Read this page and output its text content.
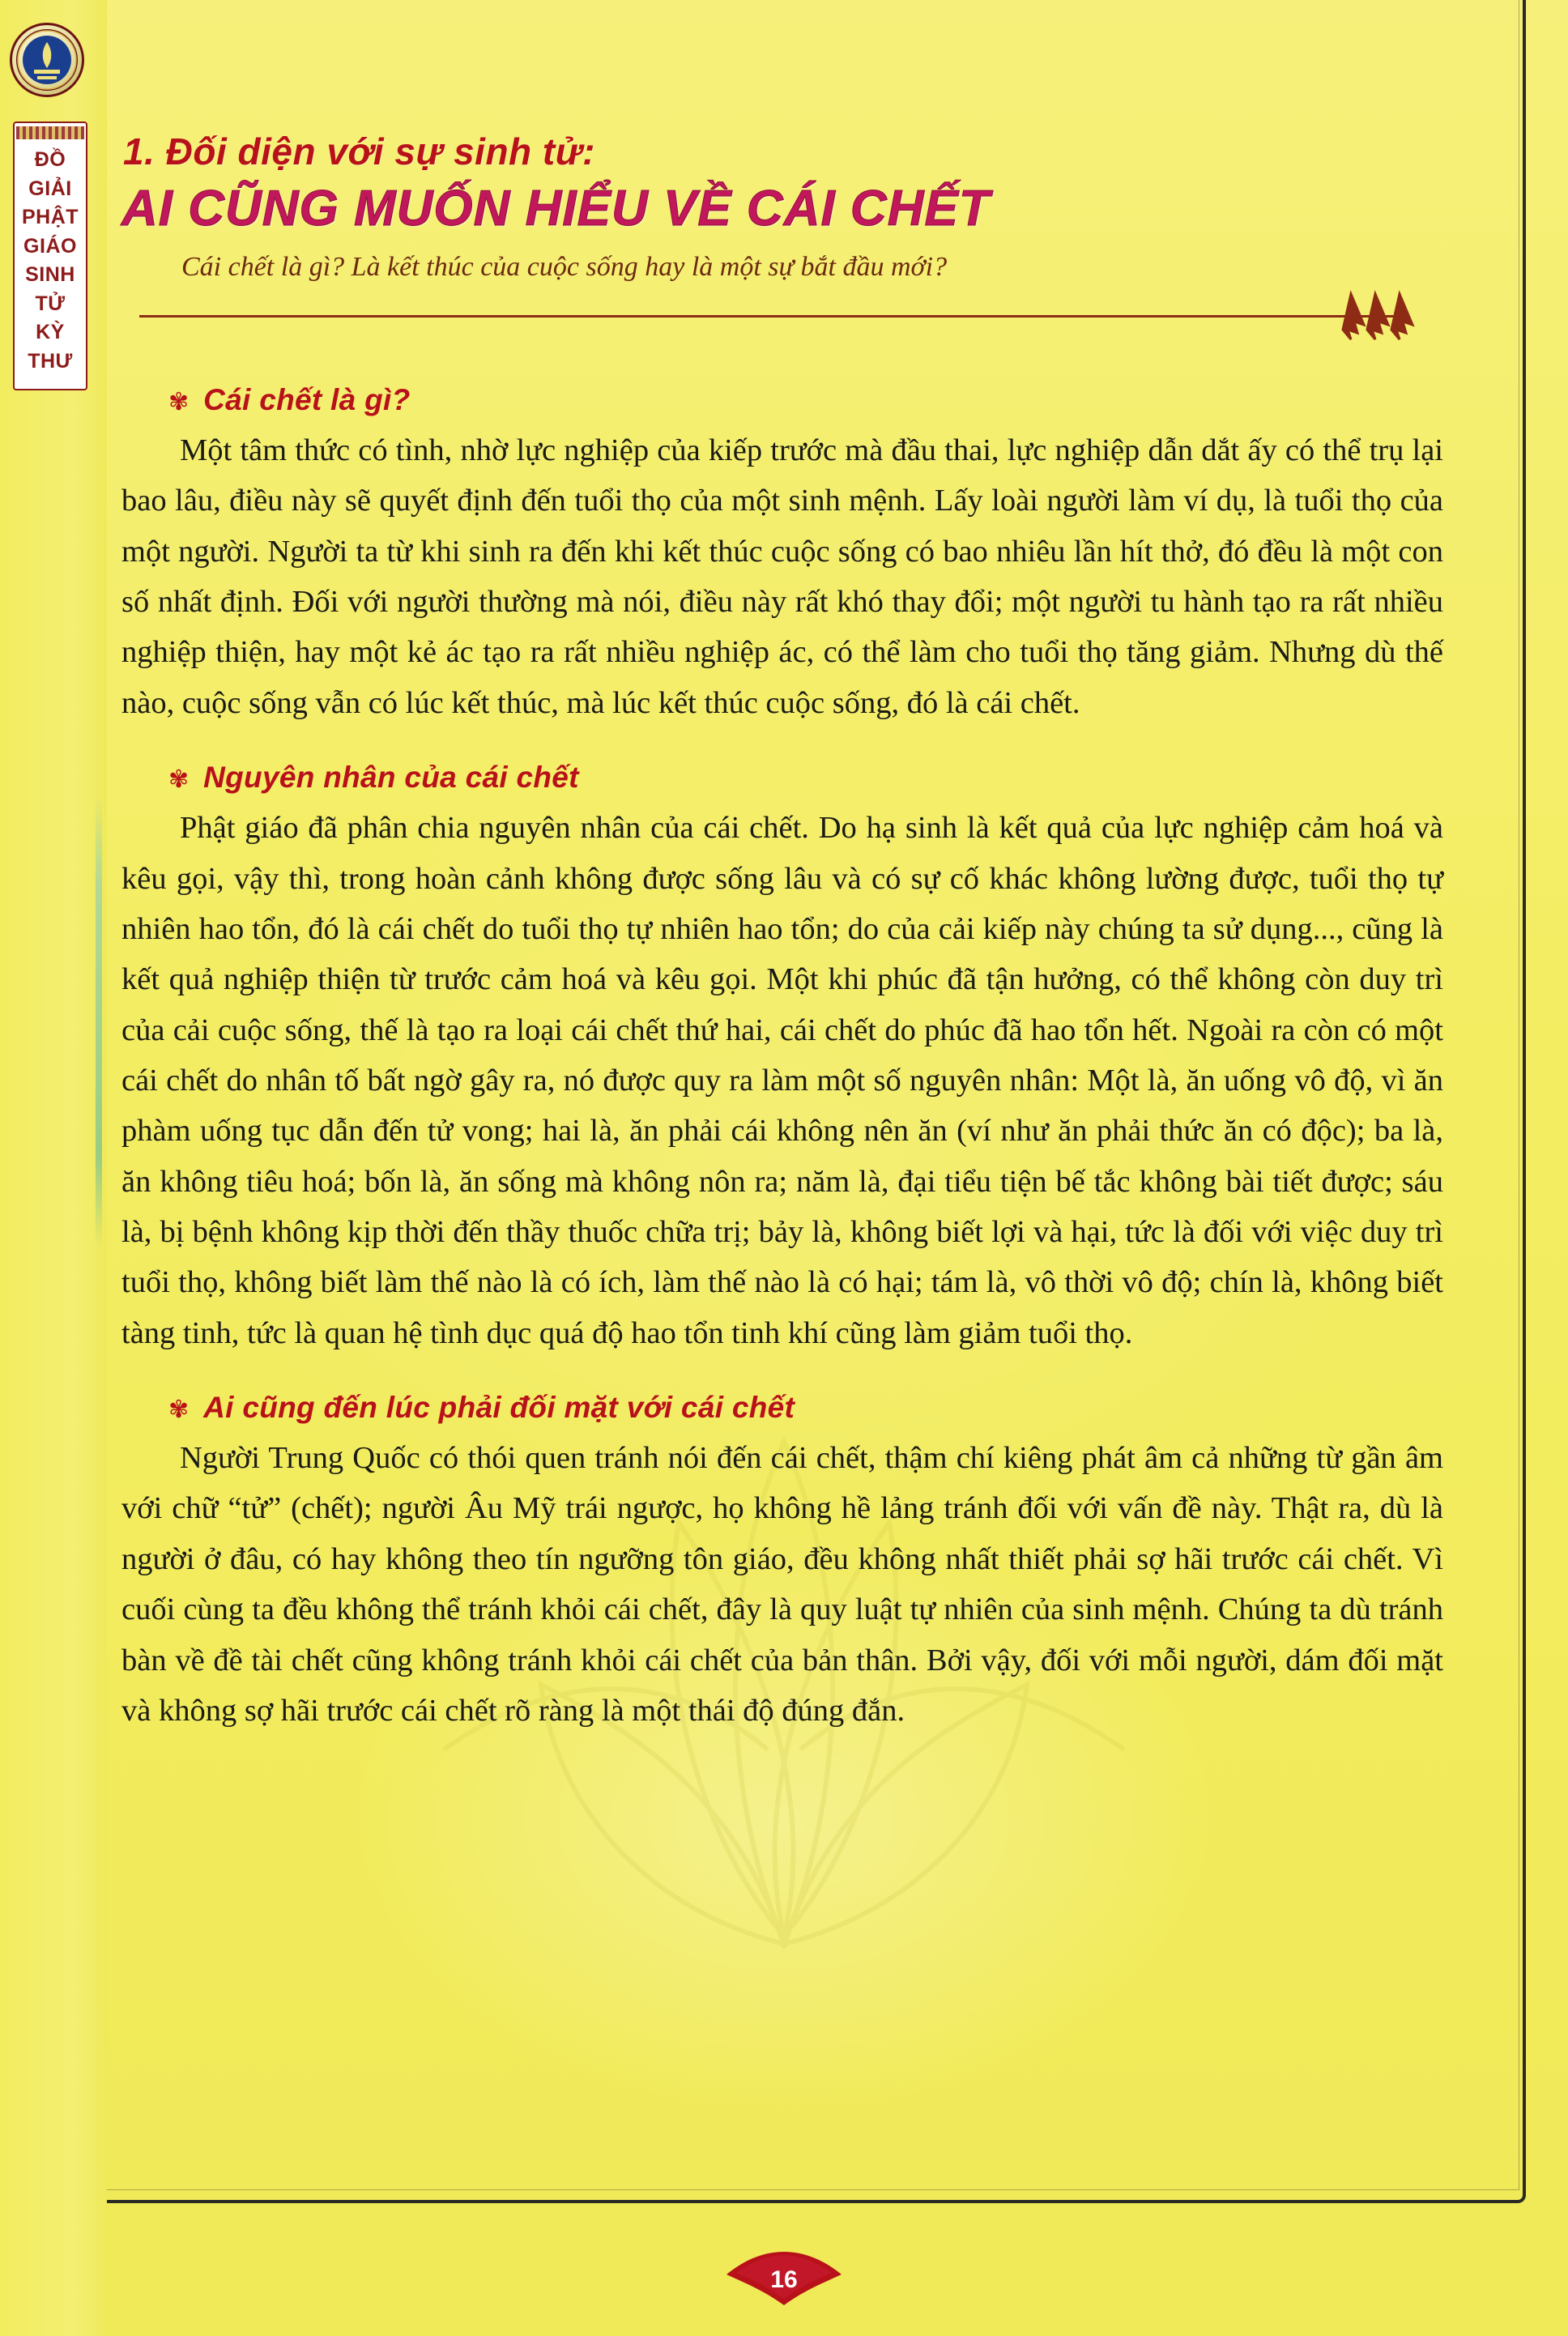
ĐỒ
GIẢI
PHẬT
GIÁO
SINH
TỬ
KỲ
THƯ
1. Đối diện với sự sinh tử:
AI CŨNG MUỐN HIỂU VỀ CÁI CHẾT
Cái chết là gì? Là kết thúc của cuộc sống hay là một sự bắt đầu mới?
✾ Cái chết là gì?

Một tâm thức có tình, nhờ lực nghiệp của kiếp trước mà đầu thai, lực nghiệp dẫn dắt ấy có thể trụ lại bao lâu, điều này sẽ quyết định đến tuổi thọ của một sinh mệnh. Lấy loài người làm ví dụ, là tuổi thọ của một người. Người ta từ khi sinh ra đến khi kết thúc cuộc sống có bao nhiêu lần hít thở, đó đều là một con số nhất định. Đối với người thường mà nói, điều này rất khó thay đổi; một người tu hành tạo ra rất nhiều nghiệp thiện, hay một kẻ ác tạo ra rất nhiều nghiệp ác, có thể làm cho tuổi thọ tăng giảm. Nhưng dù thế nào, cuộc sống vẫn có lúc kết thúc, mà lúc kết thúc cuộc sống, đó là cái chết.

✾ Nguyên nhân của cái chết

Phật giáo đã phân chia nguyên nhân của cái chết. Do hạ sinh là kết quả của lực nghiệp cảm hoá và kêu gọi, vậy thì, trong hoàn cảnh không được sống lâu và có sự cố khác không lường được, tuổi thọ tự nhiên hao tổn, đó là cái chết do tuổi thọ tự nhiên hao tổn; do của cải kiếp này chúng ta sử dụng..., cũng là kết quả nghiệp thiện từ trước cảm hoá và kêu gọi. Một khi phúc đã tận hưởng, có thể không còn duy trì của cải cuộc sống, thế là tạo ra loại cái chết thứ hai, cái chết do phúc đã hao tổn hết. Ngoài ra còn có một cái chết do nhân tố bất ngờ gây ra, nó được quy ra làm một số nguyên nhân: Một là, ăn uống vô độ, vì ăn phàm uống tục dẫn đến tử vong; hai là, ăn phải cái không nên ăn (ví như ăn phải thức ăn có độc); ba là, ăn không tiêu hoá; bốn là, ăn sống mà không nôn ra; năm là, đại tiểu tiện bế tắc không bài tiết được; sáu là, bị bệnh không kịp thời đến thầy thuốc chữa trị; bảy là, không biết lợi và hại, tức là đối với việc duy trì tuổi thọ, không biết làm thế nào là có ích, làm thế nào là có hại; tám là, vô thời vô độ; chín là, không biết tàng tinh, tức là quan hệ tình dục quá độ hao tổn tinh khí cũng làm giảm tuổi thọ.

✾ Ai cũng đến lúc phải đối mặt với cái chết

Người Trung Quốc có thói quen tránh nói đến cái chết, thậm chí kiêng phát âm cả những từ gần âm với chữ “tử” (chết); người Âu Mỹ trái ngược, họ không hề lảng tránh đối với vấn đề này. Thật ra, dù là người ở đâu, có hay không theo tín ngưỡng tôn giáo, đều không nhất thiết phải sợ hãi trước cái chết. Vì cuối cùng ta đều không thể tránh khỏi cái chết, đây là quy luật tự nhiên của sinh mệnh. Chúng ta dù tránh bàn về đề tài chết cũng không tránh khỏi cái chết của bản thân. Bởi vậy, đối với mỗi người, dám đối mặt và không sợ hãi trước cái chết rõ ràng là một thái độ đúng đắn.

16
